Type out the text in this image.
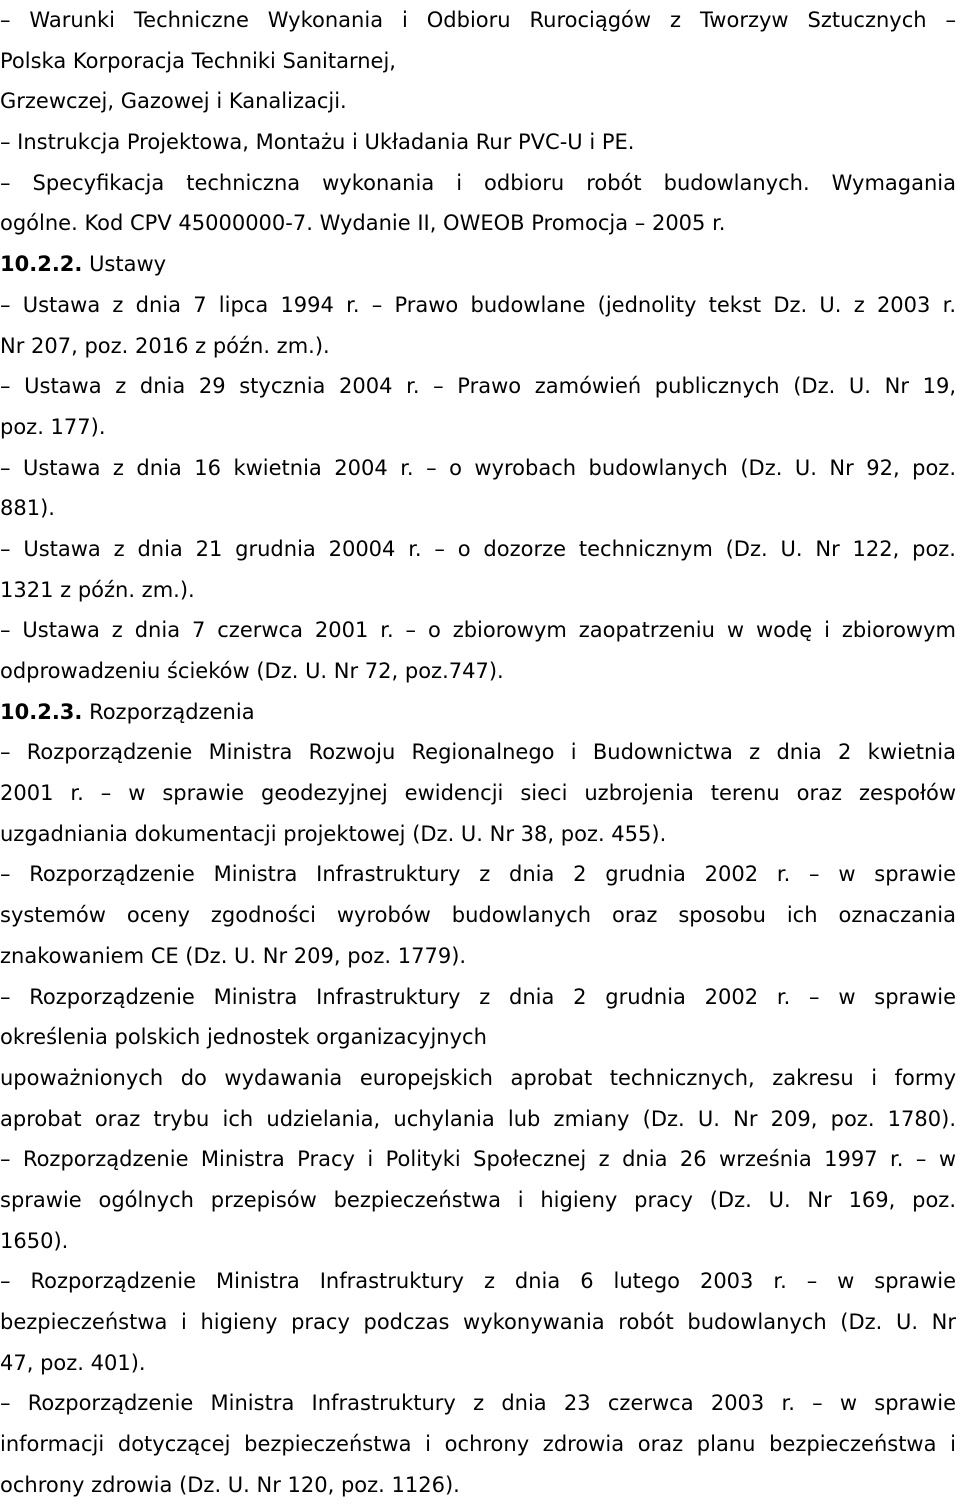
– Warunki Techniczne Wykonania i Odbioru Rurociągów z Tworzyw Sztucznych –
Polska Korporacja Techniki Sanitarnej,
Grzewczej, Gazowej i Kanalizacji.
– Instrukcja Projektowa, Montażu i Układania Rur PVC-U i PE.
– Specyfikacja techniczna wykonania i odbioru robót budowlanych. Wymagania
ogólne. Kod CPV 45000000-7. Wydanie II, OWEOB Promocja – 2005 r.
10.2.2. Ustawy
– Ustawa z dnia 7 lipca 1994 r. – Prawo budowlane (jednolity tekst Dz. U. z 2003 r.
Nr 207, poz. 2016 z późn. zm.).
– Ustawa z dnia 29 stycznia 2004 r. – Prawo zamówień publicznych (Dz. U. Nr 19,
poz. 177).
– Ustawa z dnia 16 kwietnia 2004 r. – o wyrobach budowlanych (Dz. U. Nr 92, poz.
881).
– Ustawa z dnia 21 grudnia 20004 r. – o dozorze technicznym (Dz. U. Nr 122, poz.
1321 z późn. zm.).
– Ustawa z dnia 7 czerwca 2001 r. – o zbiorowym zaopatrzeniu w wodę i zbiorowym
odprowadzeniu ścieków (Dz. U. Nr 72, poz.747).
10.2.3. Rozporządzenia
– Rozporządzenie Ministra Rozwoju Regionalnego i Budownictwa z dnia 2 kwietnia
2001 r. – w sprawie geodezyjnej ewidencji sieci uzbrojenia terenu oraz zespołów
uzgadniania dokumentacji projektowej (Dz. U. Nr 38, poz. 455).
– Rozporządzenie Ministra Infrastruktury z dnia 2 grudnia 2002 r. – w sprawie
systemów oceny zgodności wyrobów budowlanych oraz sposobu ich oznaczania
znakowaniem CE (Dz. U. Nr 209, poz. 1779).
– Rozporządzenie Ministra Infrastruktury z dnia 2 grudnia 2002 r. – w sprawie
określenia polskich jednostek organizacyjnych
upoważnionych do wydawania europejskich aprobat technicznych, zakresu i formy
aprobat oraz trybu ich udzielania, uchylania lub zmiany (Dz. U. Nr 209, poz. 1780).
– Rozporządzenie Ministra Pracy i Polityki Społecznej z dnia 26 września 1997 r. – w
sprawie ogólnych przepisów bezpieczeństwa i higieny pracy (Dz. U. Nr 169, poz.
1650).
– Rozporządzenie Ministra Infrastruktury z dnia 6 lutego 2003 r. – w sprawie
bezpieczeństwa i higieny pracy podczas wykonywania robót budowlanych (Dz. U. Nr
47, poz. 401).
– Rozporządzenie Ministra Infrastruktury z dnia 23 czerwca 2003 r. – w sprawie
informacji dotyczącej bezpieczeństwa i ochrony zdrowia oraz planu bezpieczeństwa i
ochrony zdrowia (Dz. U. Nr 120, poz. 1126).
